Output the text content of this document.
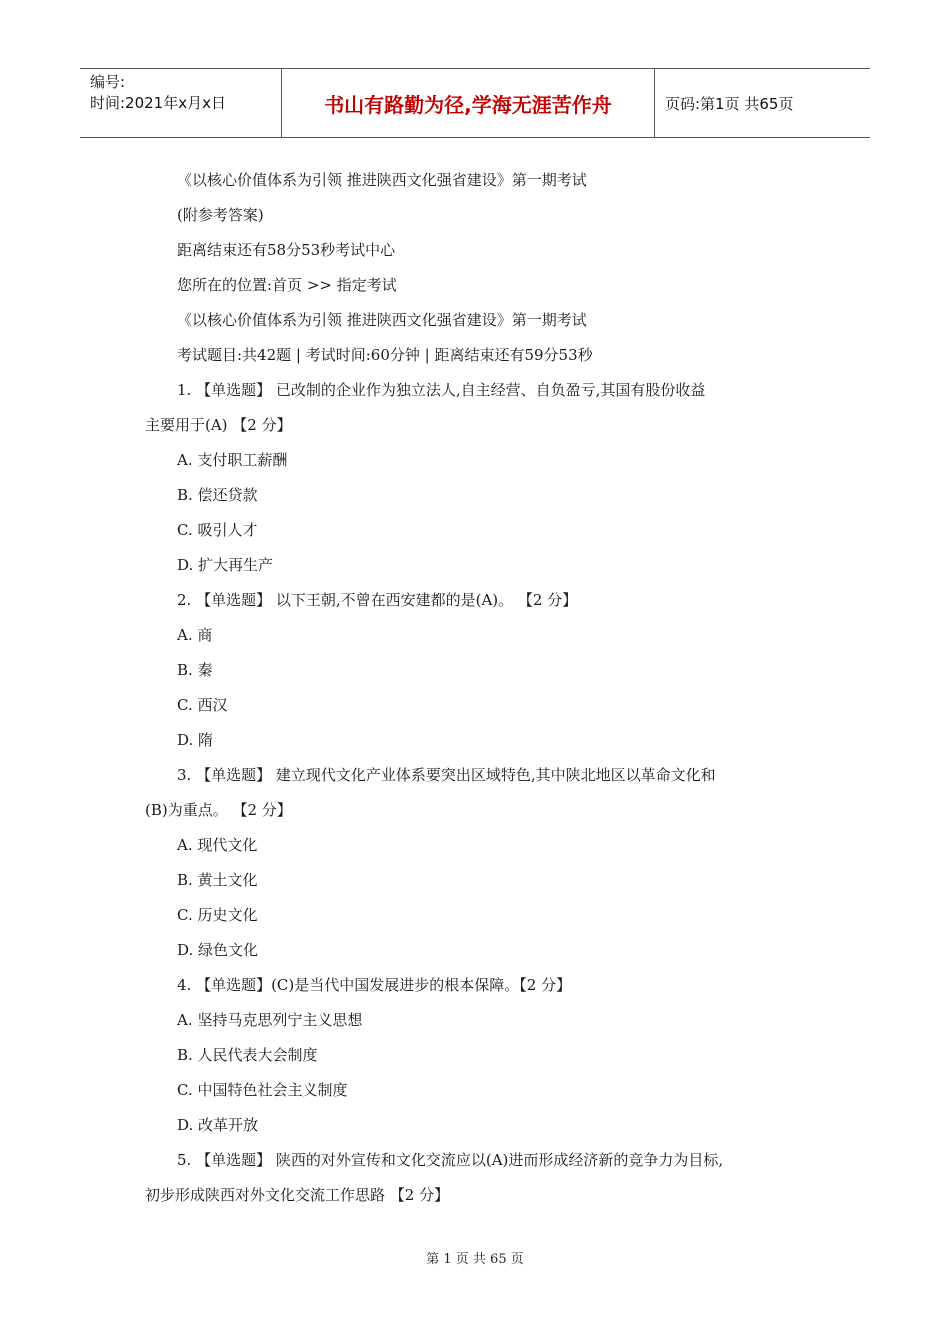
编号:
时间:2021年x月x日	书山有路勤为径,学海无涯苦作舟	页码:第1页 共65页
《以核心价值体系为引领 推进陕西文化强省建设》第一期考试
(附参考答案)
距离结束还有58分53秒考试中心
您所在的位置:首页 >> 指定考试
《以核心价值体系为引领 推进陕西文化强省建设》第一期考试
考试题目:共42题 | 考试时间:60分钟 | 距离结束还有59分53秒
1. 【单选题】 已改制的企业作为独立法人,自主经营、自负盈亏,其国有股份收益
主要用于(A) 【2 分】
A. 支付职工薪酬
B. 偿还贷款
C. 吸引人才
D. 扩大再生产
2. 【单选题】 以下王朝,不曾在西安建都的是(A)。 【2 分】
A. 商
B. 秦
C. 西汉
D. 隋
3. 【单选题】 建立现代文化产业体系要突出区域特色,其中陕北地区以革命文化和
(B)为重点。 【2 分】
A. 现代文化
B. 黄土文化
C. 历史文化
D. 绿色文化
4. 【单选题】(C)是当代中国发展进步的根本保障。【2 分】
A. 坚持马克思列宁主义思想
B. 人民代表大会制度
C. 中国特色社会主义制度
D. 改革开放
5. 【单选题】 陕西的对外宣传和文化交流应以(A)进而形成经济新的竞争力为目标,
初步形成陕西对外文化交流工作思路 【2 分】
第 1 页 共 65 页
